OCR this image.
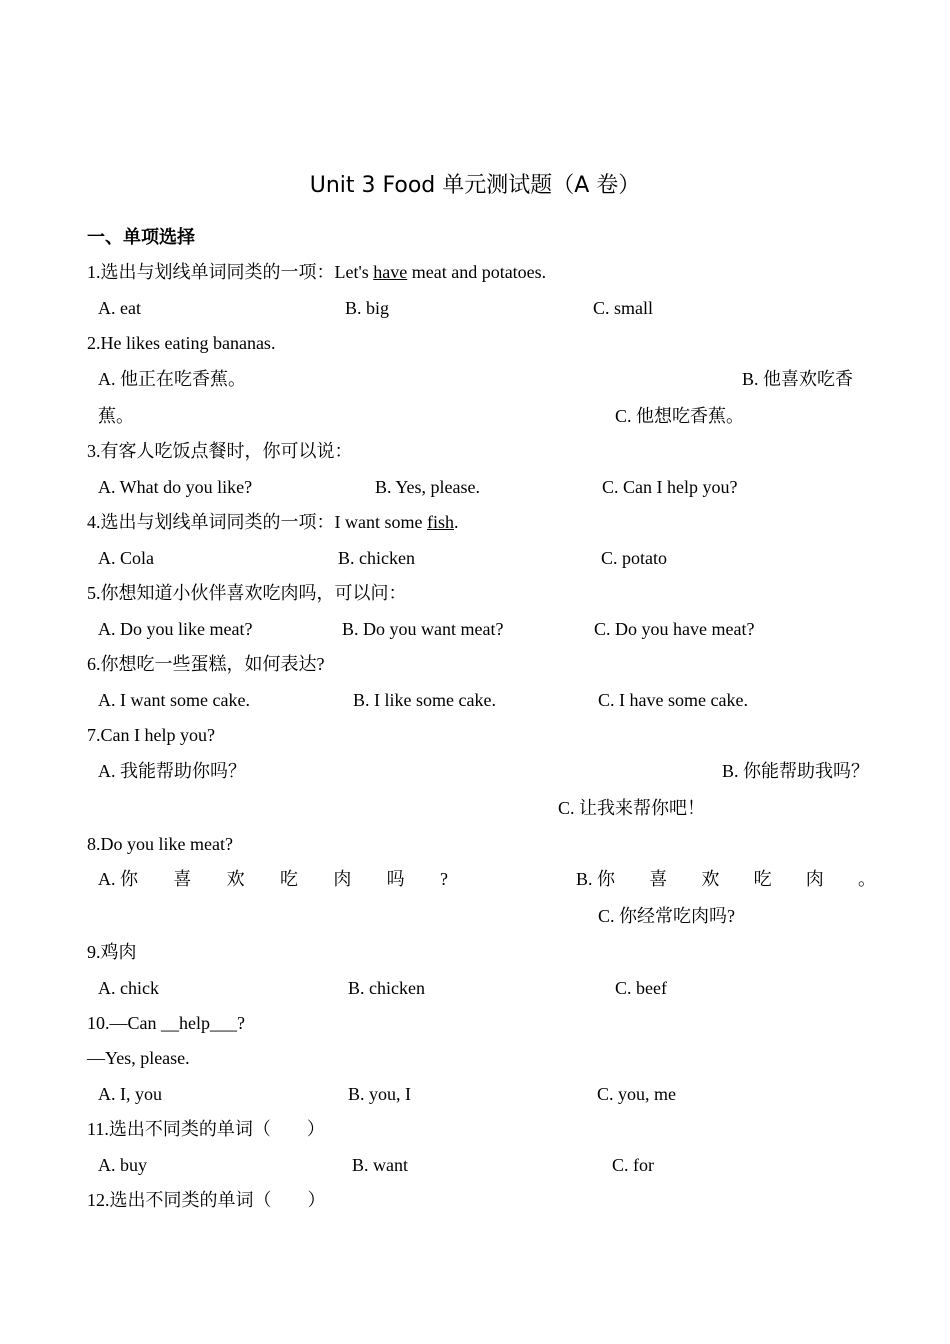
Unit 3 Food 单元测试题（A 卷）
一、单项选择
1.选出与划线单词同类的一项：Let's have meat and potatoes.
A. eat	B. big	C. small
2.He likes eating bananas.
A. 他正在吃香蕉。	B. 他喜欢吃香
蕉。	C. 他想吃香蕉。
3.有客人吃饭点餐时，你可以说：
A. What do you like?	B. Yes, please.	C. Can I help you?
4.选出与划线单词同类的一项：I want some fish.
A. Cola	B. chicken	C. potato
5.你想知道小伙伴喜欢吃肉吗，可以问：
A. Do you like meat?	B. Do you want meat?	C. Do you have meat?
6.你想吃一些蛋糕，如何表达?
A. I want some cake.	B. I like some cake.	C. I have some cake.
7.Can I help you?
A. 我能帮助你吗？	B. 你能帮助我吗？
C. 让我来帮你吧！
8.Do you like meat?
A. 你 喜 欢 吃 肉 吗 ?	B. 你 喜 欢 吃 肉 。
C. 你经常吃肉吗?
9.鸡肉
A. chick	B. chicken	C. beef
10.—Can __help___?
—Yes, please.
A. I, you	B. you, I	C. you, me
11.选出不同类的单词（　　）
A. buy	B. want	C. for
12.选出不同类的单词（　　）
